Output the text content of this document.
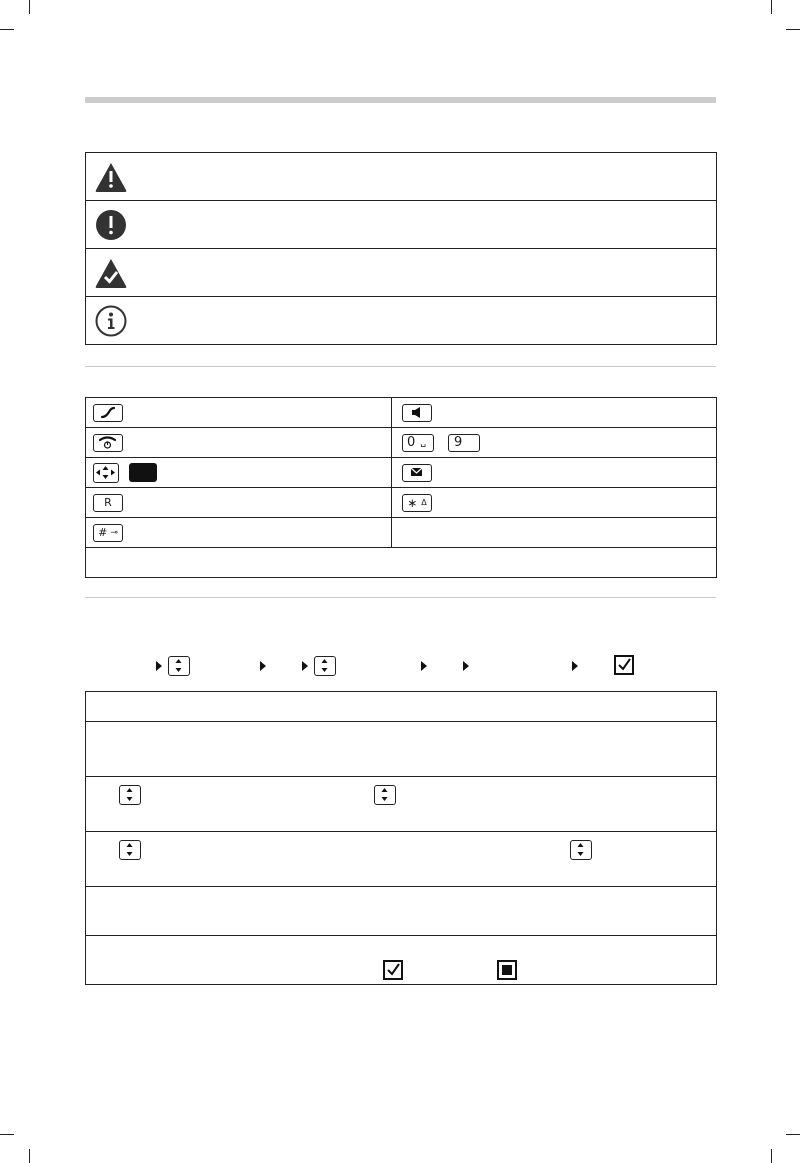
0 ␣ 9
R	∗ Δ
# ⊸
